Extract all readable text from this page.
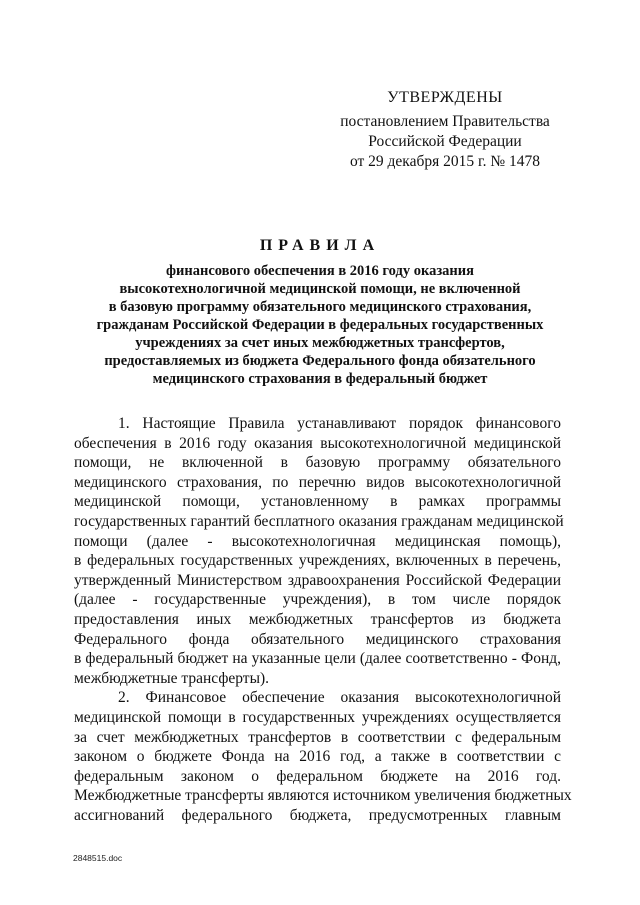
УТВЕРЖДЕНЫ
постановлением Правительства
Российской Федерации
от 29 декабря 2015 г. № 1478
ПРАВИЛА
финансового обеспечения в 2016 году оказания
высокотехнологичной медицинской помощи, не включенной
в базовую программу обязательного медицинского страхования,
гражданам Российской Федерации в федеральных государственных
учреждениях за счет иных межбюджетных трансфертов,
предоставляемых из бюджета Федерального фонда обязательного
медицинского страхования в федеральный бюджет
1. Настоящие Правила устанавливают порядок финансового
обеспечения в 2016 году оказания высокотехнологичной медицинской
помощи, не включенной в базовую программу обязательного
медицинского страхования, по перечню видов высокотехнологичной
медицинской помощи, установленному в рамках программы
государственных гарантий бесплатного оказания гражданам медицинской
помощи (далее - высокотехнологичная медицинская помощь),
в федеральных государственных учреждениях, включенных в перечень,
утвержденный Министерством здравоохранения Российской Федерации
(далее - государственные учреждения), в том числе порядок
предоставления иных межбюджетных трансфертов из бюджета
Федерального фонда обязательного медицинского страхования
в федеральный бюджет на указанные цели (далее соответственно - Фонд,
межбюджетные трансферты).
2. Финансовое обеспечение оказания высокотехнологичной
медицинской помощи в государственных учреждениях осуществляется
за счет межбюджетных трансфертов в соответствии с федеральным
законом о бюджете Фонда на 2016 год, а также в соответствии с
федеральным законом о федеральном бюджете на 2016 год.
Межбюджетные трансферты являются источником увеличения бюджетных
ассигнований федерального бюджета, предусмотренных главным
2848515.doc
